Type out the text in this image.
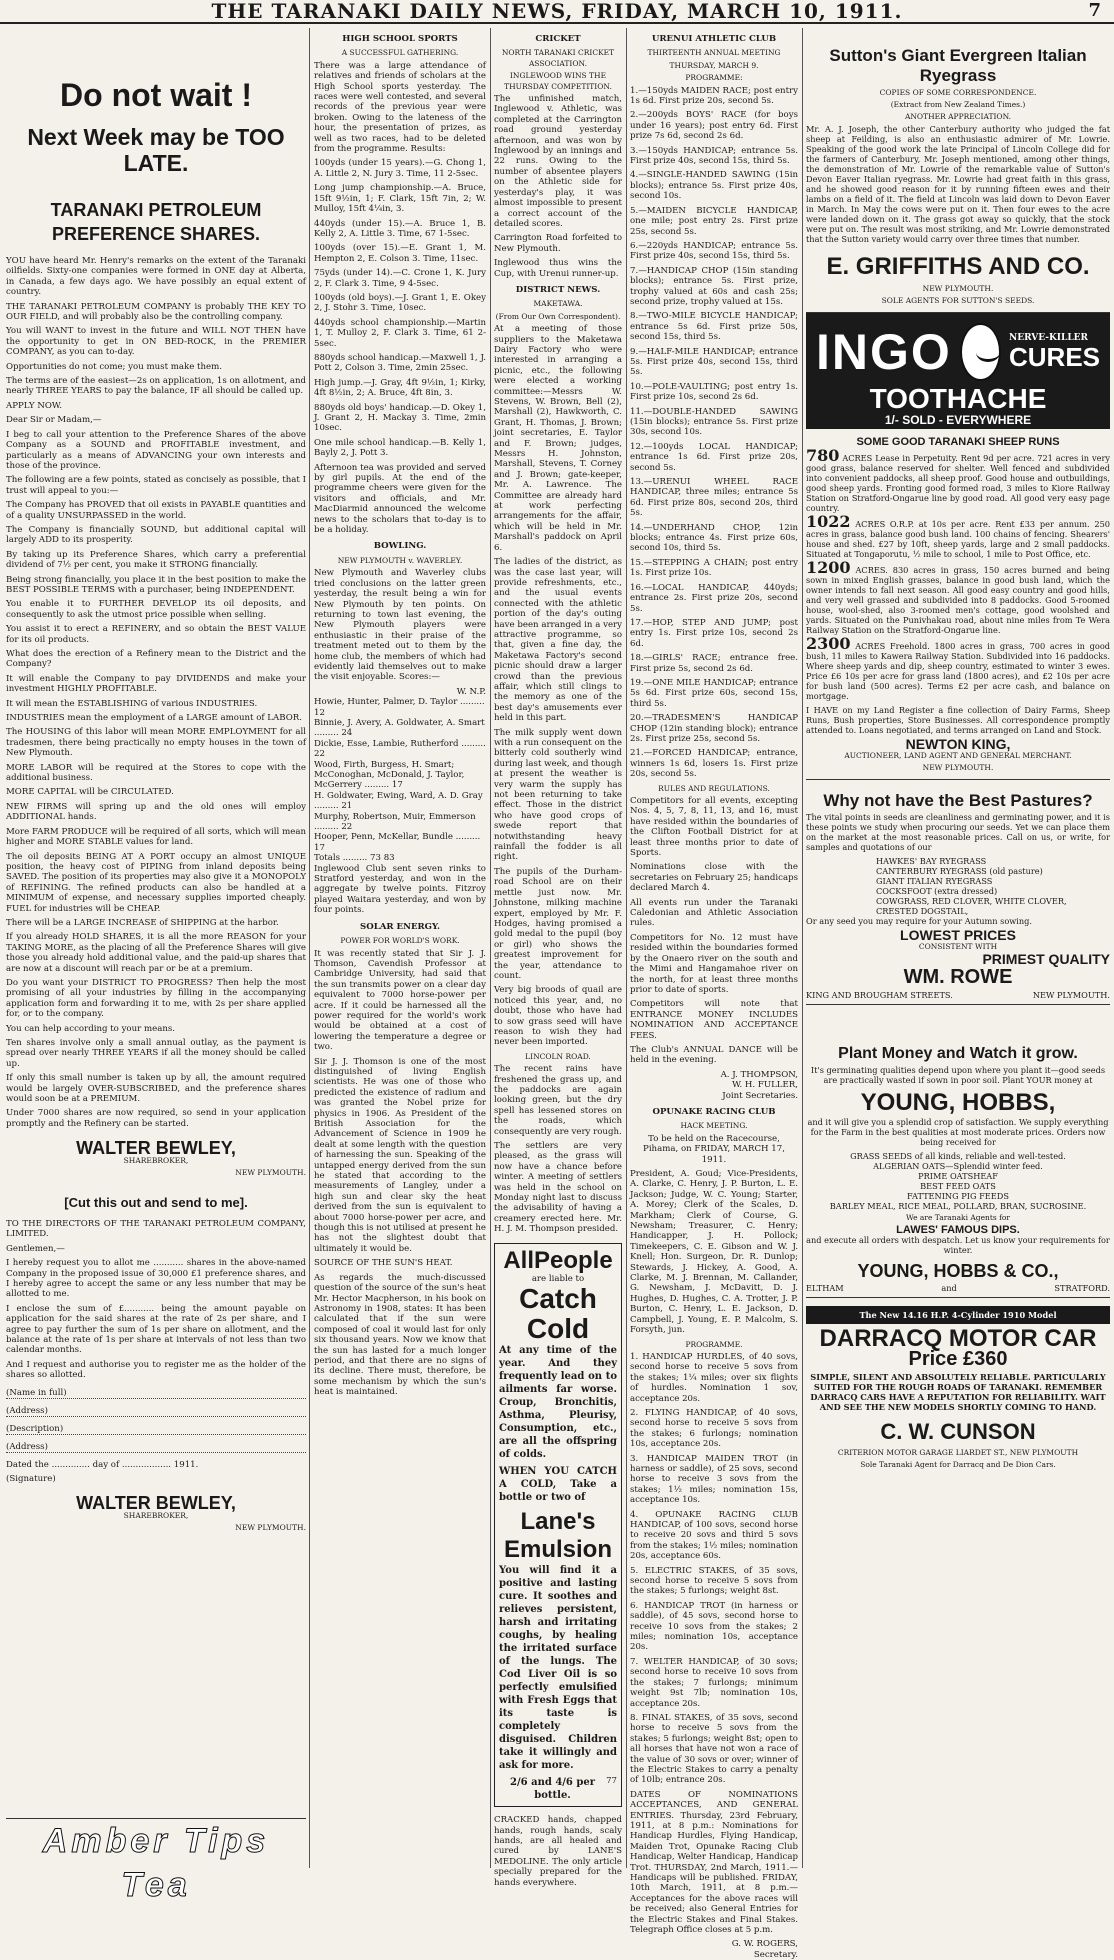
THE TARANAKI DAILY NEWS, FRIDAY, MARCH 10, 1911.	7
Do not wait !
Next Week may be TOO LATE.
TARANAKI PETROLEUM PREFERENCE SHARES.

YOU have heard Mr. Henry's remarks on the extent of the Taranaki oilfields. Sixty-one companies were formed in ONE day at Alberta, in Canada, a few days ago. We have possibly an equal extent of country.

THE TARANAKI PETROLEUM COMPANY is probably THE KEY TO OUR FIELD, and will probably also be the controlling company.

You will WANT to invest in the future and WILL NOT THEN have the opportunity to get in ON BED-ROCK, in the PREMIER COMPANY, as you can to-day.

Opportunities do not come; you must make them.

The terms are of the easiest—2s on application, 1s on allotment, and nearly THREE YEARS to pay the balance, IF all should be called up.

APPLY NOW.

Dear Sir or Madam,—

I beg to call your attention to the Preference Shares of the above Company as a SOUND and PROFITABLE investment, and particularly as a means of ADVANCING your own interests and those of the province.

The following are a few points, stated as concisely as possible, that I trust will appeal to you:—

The Company has PROVED that oil exists in PAYABLE quantities and of a quality UNSURPASSED in the world.

The Company is financially SOUND, but additional capital will largely ADD to its prosperity.

By taking up its Preference Shares, which carry a preferential dividend of 7½ per cent, you make it STRONG financially.

Being strong financially, you place it in the best position to make the BEST POSSIBLE TERMS with a purchaser, being INDEPENDENT.

You enable it to FURTHER DEVELOP its oil deposits, and consequently to ask the utmost price possible when selling.

You assist it to erect a REFINERY, and so obtain the BEST VALUE for its oil products.

What does the erection of a Refinery mean to the District and the Company?

It will enable the Company to pay DIVIDENDS and make your investment HIGHLY PROFITABLE.

It will mean the ESTABLISHING of various INDUSTRIES.

INDUSTRIES mean the employment of a LARGE amount of LABOR.

The HOUSING of this labor will mean MORE EMPLOYMENT for all tradesmen, there being practically no empty houses in the town of New Plymouth.

MORE LABOR will be required at the Stores to cope with the additional business.

MORE CAPITAL will be CIRCULATED.

NEW FIRMS will spring up and the old ones will employ ADDITIONAL hands.

More FARM PRODUCE will be required of all sorts, which will mean higher and MORE STABLE values for land.

The oil deposits BEING AT A PORT occupy an almost UNIQUE position, the heavy cost of PIPING from inland deposits being SAVED. The position of its properties may also give it a MONOPOLY of REFINING. The refined products can also be handled at a MINIMUM of expense, and necessary supplies imported cheaply. FUEL for industries will be CHEAP.

There will be a LARGE INCREASE of SHIPPING at the harbor.

If you already HOLD SHARES, it is all the more REASON for your TAKING MORE, as the placing of all the Preference Shares will give those you already hold additional value, and the paid-up shares that are now at a discount will reach par or be at a premium.

Do you want your DISTRICT TO PROGRESS? Then help the most promising of all your industries by filling in the accompanying application form and forwarding it to me, with 2s per share applied for, or to the company.

You can help according to your means.

Ten shares involve only a small annual outlay, as the payment is spread over nearly THREE YEARS if all the money should be called up.

If only this small number is taken up by all, the amount required would be largely OVER-SUBSCRIBED, and the preference shares would soon be at a PREMIUM.

Under 7000 shares are now required, so send in your application promptly and the Refinery can be started.

WALTER BEWLEY,
SHAREBROKER,
NEW PLYMOUTH.
[Cut this out and send to me].

TO THE DIRECTORS OF THE TARANAKI PETROLEUM COMPANY, LIMITED.

Gentlemen,—

I hereby request you to allot me ........... shares in the above-named Company in the proposed issue of 30,000 £1 preference shares, and I hereby agree to accept the same or any less number that may be allotted to me.

I enclose the sum of £........... being the amount payable on application for the said shares at the rate of 2s per share, and I agree to pay further the sum of 1s per share on allotment, and the balance at the rate of 1s per share at intervals of not less than two calendar months.

And I request and authorise you to register me as the holder of the shares so allotted.

(Name in full)
(Address)
(Description)
(Address)

Dated the .............. day of .................. 1911.

(Signature)

WALTER BEWLEY,
SHAREBROKER,
NEW PLYMOUTH.
Amber Tips Tea
HIGH SCHOOL SPORTS
A SUCCESSFUL GATHERING.

There was a large attendance of relatives and friends of scholars at the High School sports yesterday. The races were well contested, and several records of the previous year were broken. Owing to the lateness of the hour, the presentation of prizes, as well as two races, had to be deleted from the programme. Results:

100yds (under 15 years).—G. Chong 1, A. Little 2, N. Jury 3. Time, 11 2-5sec.

Long jump championship.—A. Bruce, 15ft 9½in, 1; F. Clark, 15ft 7in, 2; W. Mulloy, 15ft 4¼in, 3.

440yds (under 15).—A. Bruce 1, B. Kelly 2, A. Little 3. Time, 67 1-5sec.

100yds (over 15).—E. Grant 1, M. Hempton 2, E. Colson 3. Time, 11sec.

75yds (under 14).—C. Crone 1, K. Jury 2, F. Clark 3. Time, 9 4-5sec.

100yds (old boys).—J. Grant 1, E. Okey 2, J. Stohr 3. Time, 10sec.

440yds school championship.—Martin 1, T. Mulloy 2, F. Clark 3. Time, 61 2-5sec.

880yds school handicap.—Maxwell 1, J. Pott 2, Colson 3. Time, 2min 25sec.

High jump.—J. Gray, 4ft 9½in, 1; Kirky, 4ft 8½in, 2; A. Bruce, 4ft 8in, 3.

880yds old boys' handicap.—D. Okey 1, J. Grant 2, H. Mackay 3. Time, 2min 10sec.

One mile school handicap.—B. Kelly 1, Bayly 2, J. Pott 3.

Afternoon tea was provided and served by girl pupils. At the end of the programme cheers were given for the visitors and officials, and Mr. MacDiarmid announced the welcome news to the scholars that to-day is to be a holiday.

BOWLING.
NEW PLYMOUTH v. WAVERLEY.

New Plymouth and Waverley clubs tried conclusions on the latter green yesterday, the result being a win for New Plymouth by ten points. On returning to town last evening, the New Plymouth players were enthusiastic in their praise of the treatment meted out to them by the home club, the members of which had evidently laid themselves out to make the visit enjoyable. Scores:—

W. N.P.
Howie, Hunter, Palmer, D. Taylor ......... 12
Binnie, J. Avery, A. Goldwater, A. Smart ......... 24
Dickie, Esse, Lambie, Rutherford ......... 22
Wood, Firth, Burgess, H. Smart; McConoghan, McDonald, J. Taylor, McGerrery ......... 17
H. Goldwater, Ewing, Ward, A. D. Gray ......... 21
Murphy, Robertson, Muir, Emmerson ......... 22
Hooper, Penn, McKellar, Bundle ......... 17
Totals ......... 73 83

Inglewood Club sent seven rinks to Stratford yesterday, and won in the aggregate by twelve points. Fitzroy played Waitara yesterday, and won by four points.

SOLAR ENERGY.
POWER FOR WORLD'S WORK.

It was recently stated that Sir J. J. Thomson, Cavendish Professor at Cambridge University, had said that the sun transmits power on a clear day equivalent to 7000 horse-power per acre. If it could be harnessed all the power required for the world's work would be obtained at a cost of lowering the temperature a degree or two.

Sir J. J. Thomson is one of the most distinguished of living English scientists. He was one of those who predicted the existence of radium and was granted the Nobel prize for physics in 1906. As President of the British Association for the Advancement of Science in 1909 he dealt at some length with the question of harnessing the sun. Speaking of the untapped energy derived from the sun he stated that according to the measurements of Langley, under a high sun and clear sky the heat derived from the sun is equivalent to about 7000 horse-power per acre, and though this is not utilised at present he has not the slightest doubt that ultimately it would be.

SOURCE OF THE SUN'S HEAT.

As regards the much-discussed question of the source of the sun's heat Mr. Hector Macpherson, in his book on Astronomy in 1908, states: It has been calculated that if the sun were composed of coal it would last for only six thousand years. Now we know that the sun has lasted for a much longer period, and that there are no signs of its decline. There must, therefore, be some mechanism by which the sun's heat is maintained.

CRICKET
NORTH TARANAKI CRICKET ASSOCIATION.
INGLEWOOD WINS THE THURSDAY COMPETITION.

The unfinished match, Inglewood v. Athletic, was completed at the Carrington road ground yesterday afternoon, and was won by Inglewood by an innings and 22 runs. Owing to the number of absentee players on the Athletic side for yesterday's play, it was almost impossible to present a correct account of the detailed scores.

Carrington Road forfeited to New Plymouth.

Inglewood thus wins the Cup, with Urenui runner-up.

DISTRICT NEWS.
MAKETAWA.
(From Our Own Correspondent).

At a meeting of those suppliers to the Maketawa Dairy Factory who were interested in arranging a picnic, etc., the following were elected a working committee:—Messrs W. Stevens, W. Brown, Bell (2), Marshall (2), Hawkworth, C. Grant, H. Thomas, J. Brown; joint secretaries, E. Taylor and F. Brown; judges, Messrs H. Johnston, Marshall, Stevens, T. Corney and J. Brown; gate-keeper, Mr. A. Lawrence. The Committee are already hard at work perfecting arrangements for the affair, which will be held in Mr. Marshall's paddock on April 6.

The ladies of the district, as was the case last year, will provide refreshments, etc., and the usual events connected with the athletic portion of the day's outing have been arranged in a very attractive programme, so that, given a fine day, the Maketawa Factory's second picnic should draw a larger crowd than the previous affair, which still clings to the memory as one of the best day's amusements ever held in this part.

The milk supply went down with a run consequent on the bitterly cold southerly wind during last week, and though at present the weather is very warm the supply has not been returning to take effect. Those in the district who have good crops of swede report that notwithstanding heavy rainfall the fodder is all right.

The pupils of the Durham-road School are on their mettle just now. Mr. Johnstone, milking machine expert, employed by Mr. F. Hodges, having promised a gold medal to the pupil (boy or girl) who shows the greatest improvement for the year, attendance to count.

Very big broods of quail are noticed this year, and, no doubt, those who have had to sow grass seed will have reason to wish they had never been imported.

LINCOLN ROAD.

The recent rains have freshened the grass up, and the paddocks are again looking green, but the dry spell has lessened stores on the roads, which consequently are very rough.

The settlers are very pleased, as the grass will now have a chance before winter. A meeting of settlers was held in the school on Monday night last to discuss the advisability of having a creamery erected here. Mr. H. J. M. Thompson presided.

AllPeople
are liable to
Catch Cold

At any time of the year. And they frequently lead on to ailments far worse. Croup, Bronchitis, Asthma, Pleurisy, Consumption, etc., are all the offspring of colds.

WHEN YOU CATCH A COLD, Take a bottle or two of

Lane's Emulsion

You will find it a positive and lasting cure. It soothes and relieves persistent, harsh and irritating coughs, by healing the irritated surface of the lungs. The Cod Liver Oil is so perfectly emulsified with Fresh Eggs that its taste is completely disguised. Children take it willingly and ask for more.

2/6 and 4/6 per bottle.
77

CRACKED hands, chapped hands, rough hands, scaly hands, are all healed and cured by LANE'S MEDOLINE. The only article specially prepared for the hands everywhere.

URENUI ATHLETIC CLUB
THIRTEENTH ANNUAL MEETING
THURSDAY, MARCH 9.
PROGRAMME:

1.—150yds MAIDEN RACE; post entry 1s 6d. First prize 20s, second 5s.

2.—200yds BOYS' RACE (for boys under 16 years); post entry 6d. First prize 7s 6d, second 2s 6d.

3.—150yds HANDICAP; entrance 5s. First prize 40s, second 15s, third 5s.

4.—SINGLE-HANDED SAWING (15in blocks); entrance 5s. First prize 40s, second 10s.

5.—MAIDEN BICYCLE HANDICAP, one mile; post entry 2s. First prize 25s, second 5s.

6.—220yds HANDICAP; entrance 5s. First prize 40s, second 15s, third 5s.

7.—HANDICAP CHOP (15in standing blocks); entrance 5s. First prize, trophy valued at 60s and cash 25s; second prize, trophy valued at 15s.

8.—TWO-MILE BICYCLE HANDICAP; entrance 5s 6d. First prize 50s, second 15s, third 5s.

9.—HALF-MILE HANDICAP; entrance 5s. First prize 40s, second 15s, third 5s.

10.—POLE-VAULTING; post entry 1s. First prize 10s, second 2s 6d.

11.—DOUBLE-HANDED SAWING (15in blocks); entrance 5s. First prize 30s, second 10s.

12.—100yds LOCAL HANDICAP; entrance 1s 6d. First prize 20s, second 5s.

13.—URENUI WHEEL RACE HANDICAP, three miles; entrance 5s 6d. First prize 80s, second 20s, third 5s.

14.—UNDERHAND CHOP, 12in blocks; entrance 4s. First prize 60s, second 10s, third 5s.

15.—STEPPING A CHAIN; post entry 1s. First prize 10s.

16.—LOCAL HANDICAP, 440yds; entrance 2s. First prize 20s, second 5s.

17.—HOP, STEP AND JUMP; post entry 1s. First prize 10s, second 2s 6d.

18.—GIRLS' RACE; entrance free. First prize 5s, second 2s 6d.

19.—ONE MILE HANDICAP; entrance 5s 6d. First prize 60s, second 15s, third 5s.

20.—TRADESMEN'S HANDICAP CHOP (12in standing block); entrance 2s. First prize 25s, second 5s.

21.—FORCED HANDICAP; entrance, winners 1s 6d, losers 1s. First prize 20s, second 5s.

RULES AND REGULATIONS.

Competitors for all events, excepting Nos. 4, 5, 7, 8, 11, 13, and 16, must have resided within the boundaries of the Clifton Football District for at least three months prior to date of Sports.

Nominations close with the secretaries on February 25; handicaps declared March 4.

All events run under the Taranaki Caledonian and Athletic Association rules.

Competitors for No. 12 must have resided within the boundaries formed by the Onaero river on the south and the Mimi and Hangamahoe river on the north, for at least three months prior to date of sports.

Competitors will note that ENTRANCE MONEY INCLUDES NOMINATION AND ACCEPTANCE FEES.

The Club's ANNUAL DANCE will be held in the evening.

A. J. THOMPSON,
W. H. FULLER,
Joint Secretaries.
OPUNAKE RACING CLUB
HACK MEETING.

To be held on the Racecourse, Pihama, on FRIDAY, MARCH 17, 1911.

President, A. Goud; Vice-Presidents, A. Clarke, C. Henry, J. P. Burton, L. E. Jackson; Judge, W. C. Young; Starter, A. Morey; Clerk of the Scales, D. Markham; Clerk of Course, G. Newsham; Treasurer, C. Henry; Handicapper, J. H. Pollock; Timekeepers, C. E. Gibson and W. J. Knell; Hon. Surgeon, Dr. R. Dunlop; Stewards, J. Hickey, A. Good, A. Clarke, M. J. Brennan, M. Callander, G. Newsham, J. McDavitt, D. J. Hughes, D. Hughes, C. A. Trotter, J. P. Burton, C. Henry, L. E. Jackson, D. Campbell, J. Young, E. P. Malcolm, S. Forsyth, jun.

PROGRAMME.

1. HANDICAP HURDLES, of 40 sovs, second horse to receive 5 sovs from the stakes; 1¼ miles; over six flights of hurdles. Nomination 1 sov, acceptance 20s.

2. FLYING HANDICAP, of 40 sovs, second horse to receive 5 sovs from the stakes; 6 furlongs; nomination 10s, acceptance 20s.

3. HANDICAP MAIDEN TROT (in harness or saddle), of 25 sovs, second horse to receive 3 sovs from the stakes; 1½ miles; nomination 15s, acceptance 10s.

4. OPUNAKE RACING CLUB HANDICAP, of 100 sovs, second horse to receive 20 sovs and third 5 sovs from the stakes; 1½ miles; nomination 20s, acceptance 60s.

5. ELECTRIC STAKES, of 35 sovs, second horse to receive 5 sovs from the stakes; 5 furlongs; weight 8st.

6. HANDICAP TROT (in harness or saddle), of 45 sovs, second horse to receive 10 sovs from the stakes; 2 miles; nomination 10s, acceptance 20s.

7. WELTER HANDICAP, of 30 sovs; second horse to receive 10 sovs from the stakes; 7 furlongs; minimum weight 9st 7lb; nomination 10s, acceptance 20s.

8. FINAL STAKES, of 35 sovs, second horse to receive 5 sovs from the stakes; 5 furlongs; weight 8st; open to all horses that have not won a race of the value of 30 sovs or over; winner of the Electric Stakes to carry a penalty of 10lb; entrance 20s.

DATES OF NOMINATIONS ACCEPTANCES, AND GENERAL ENTRIES. Thursday, 23rd February, 1911, at 8 p.m.: Nominations for Handicap Hurdles, Flying Handicap, Maiden Trot, Opunake Racing Club Handicap, Welter Handicap, Handicap Trot. THURSDAY, 2nd March, 1911.—Handicaps will be published. FRIDAY, 10th March, 1911, at 8 p.m.—Acceptances for the above races will be received; also General Entries for the Electric Stakes and Final Stakes. Telegraph Office closes at 5 p.m.

G. W. ROGERS,
Secretary.
Sutton's Giant Evergreen Italian Ryegrass
COPIES OF SOME CORRESPONDENCE.
(Extract from New Zealand Times.)
ANOTHER APPRECIATION.

Mr. A. J. Joseph, the other Canterbury authority who judged the fat sheep at Feilding, is also an enthusiastic admirer of Mr. Lowrie. Speaking of the good work the late Principal of Lincoln College did for the farmers of Canterbury, Mr. Joseph mentioned, among other things, the demonstration of Mr. Lowrie of the remarkable value of Sutton's Devon Eaver Italian ryegrass. Mr. Lowrie had great faith in this grass, and he showed good reason for it by running fifteen ewes and their lambs on a field of it. The field at Lincoln was laid down to Devon Eaver in March. In May the cows were put on it. Then four ewes to the acre were landed down on it. The grass got away so quickly, that the stock were put on. The result was most striking, and Mr. Lowrie demonstrated that the Sutton variety would carry over three times that number.

E. GRIFFITHS AND CO.
NEW PLYMOUTH.
SOLE AGENTS FOR SUTTON'S SEEDS.
INGO	NERVE-KILLER
CURES
TOOTHACHE
1/- SOLD - EVERYWHERE
SOME GOOD TARANAKI SHEEP RUNS

780 ACRES Lease in Perpetuity. Rent 9d per acre. 721 acres in very good grass, balance reserved for shelter. Well fenced and subdivided into convenient paddocks, all sheep proof. Good house and outbuildings, good sheep yards. Fronting good formed road, 3 miles to Kiore Railway Station on Stratford-Ongarue line by good road. All good very easy page country.

1022 ACRES O.R.P. at 10s per acre. Rent £33 per annum. 250 acres in grass, balance good bush land. 100 chains of fencing. Shearers' house and shed. £27 by 10ft, sheep yards, large and 2 small paddocks. Situated at Tongaporutu, ½ mile to school, 1 mile to Post Office, etc.

1200 ACRES. 830 acres in grass, 150 acres burned and being sown in mixed English grasses, balance in good bush land, which the owner intends to fall next season. All good easy country and good hills, and very well grassed and subdivided into 8 paddocks. Good 5-roomed house, wool-shed, also 3-roomed men's cottage, good woolshed and yards. Situated on the Punivhakau road, about nine miles from Te Wera Railway Station on the Stratford-Ongarue line.

2300 ACRES Freehold. 1800 acres in grass, 700 acres in good bush, 11 miles to Kawera Railway Station. Subdivided into 16 paddocks. Where sheep yards and dip, sheep country, estimated to winter 3 ewes. Price £6 10s per acre for grass land (1800 acres), and £2 10s per acre for bush land (500 acres). Terms £2 per acre cash, and balance on mortgage.

I HAVE on my Land Register a fine collection of Dairy Farms, Sheep Runs, Bush properties, Store Businesses. All correspondence promptly attended to. Loans negotiated, and terms arranged on Land and Stock.

NEWTON KING,
AUCTIONEER, LAND AGENT AND GENERAL MERCHANT.
NEW PLYMOUTH.
Why not have the Best Pastures?

The vital points in seeds are cleanliness and germinating power, and it is these points we study when procuring our seeds. Yet we can place them on the market at the most reasonable prices. Call on us, or write, for samples and quotations of our

HAWKES' BAY RYEGRASS
CANTERBURY RYEGRASS (old pasture)
GIANT ITALIAN RYEGRASS
COCKSFOOT (extra dressed)
COWGRASS, RED CLOVER, WHITE CLOVER,
CRESTED DOGSTAIL,

Or any seed you may require for your Autumn sowing.

LOWEST PRICES
CONSISTENT WITH
PRIMEST QUALITY
WM. ROWE
KING AND BROUGHAM STREETS.	NEW PLYMOUTH.
Plant Money and Watch it grow.

It's germinating qualities depend upon where you plant it—good seeds are practically wasted if sown in poor soil. Plant YOUR money at

YOUNG, HOBBS,

and it will give you a splendid crop of satisfaction. We supply everything for the Farm in the best qualities at most moderate prices. Orders now being received for

GRASS SEEDS of all kinds, reliable and well-tested.
ALGERIAN OATS—Splendid winter feed.
PRIME OATSHEAF
BEST FEED OATS
FATTENING PIG FEEDS
BARLEY MEAL, RICE MEAL, POLLARD, BRAN, SUCROSINE.
We are Taranaki Agents for
LAWES' FAMOUS DIPS.

and execute all orders with despatch. Let us know your requirements for winter.

YOUNG, HOBBS & CO.,
ELTHAM	and	STRATFORD.
The New 14.16 H.P. 4-Cylinder 1910 Model
DARRACQ MOTOR CAR
Price £360

SIMPLE, SILENT AND ABSOLUTELY RELIABLE. PARTICULARLY SUITED FOR THE ROUGH ROADS OF TARANAKI. REMEMBER DARRACQ CARS HAVE A REPUTATION FOR RELIABILITY. WAIT AND SEE THE NEW MODELS SHORTLY COMING TO HAND.

C. W. CUNSON
CRITERION MOTOR GARAGE LIARDET ST., NEW PLYMOUTH
Sole Taranaki Agent for Darracq and De Dion Cars.
